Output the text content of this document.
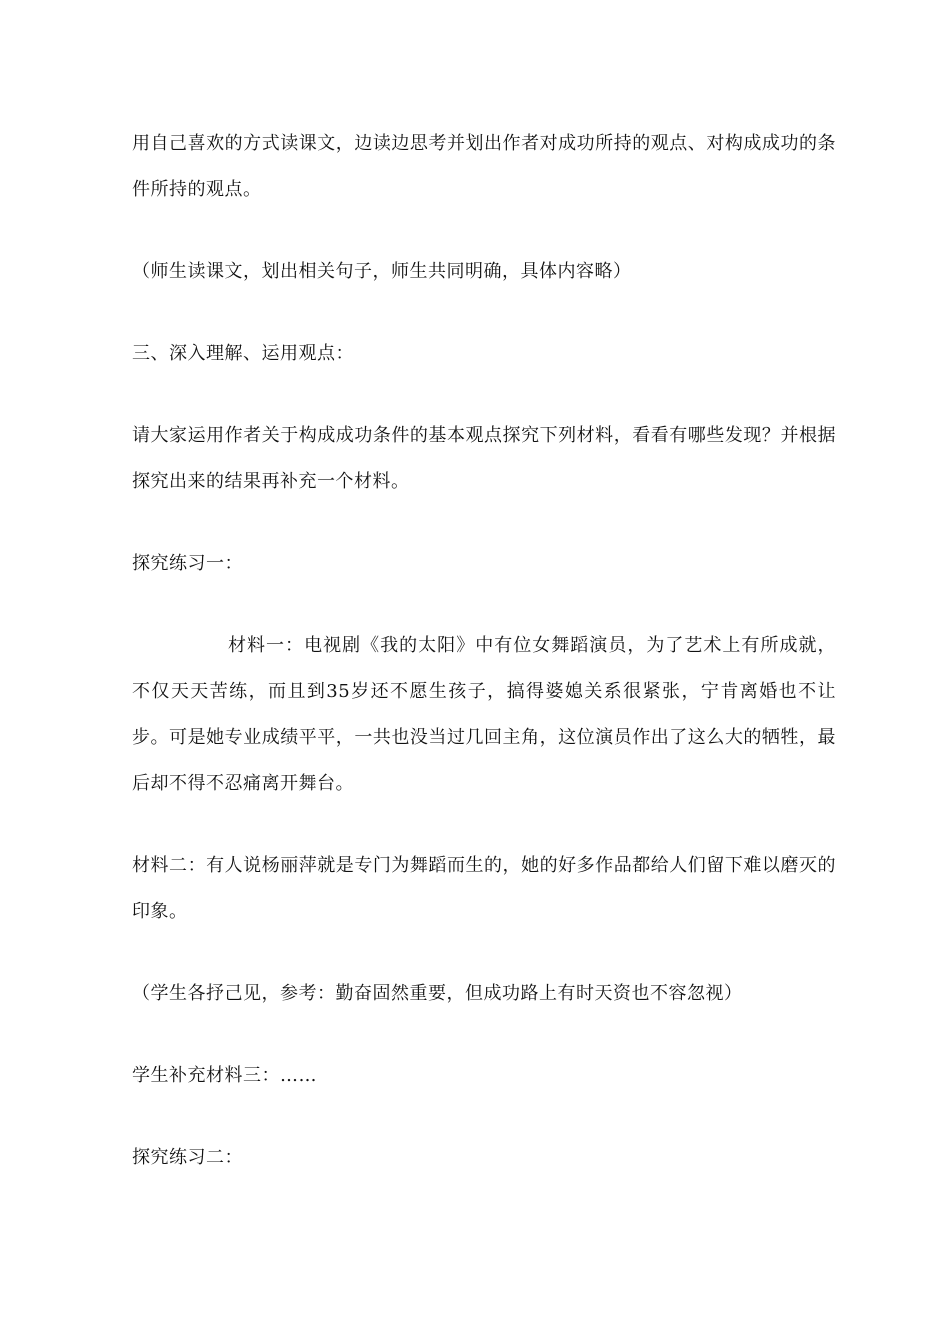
用自己喜欢的方式读课文，边读边思考并划出作者对成功所持的观点、对构成成功的条件所持的观点。

（师生读课文，划出相关句子，师生共同明确，具体内容略）

三、深入理解、运用观点：

请大家运用作者关于构成成功条件的基本观点探究下列材料，看看有哪些发现？并根据探究出来的结果再补充一个材料。

探究练习一：

材料一：电视剧《我的太阳》中有位女舞蹈演员，为了艺术上有所成就，不仅天天苦练，而且到35岁还不愿生孩子，搞得婆媳关系很紧张，宁肯离婚也不让步。可是她专业成绩平平，一共也没当过几回主角，这位演员作出了这么大的牺牲，最后却不得不忍痛离开舞台。

材料二：有人说杨丽萍就是专门为舞蹈而生的，她的好多作品都给人们留下难以磨灭的印象。

（学生各抒己见，参考：勤奋固然重要，但成功路上有时天资也不容忽视）

学生补充材料三：……

探究练习二：
